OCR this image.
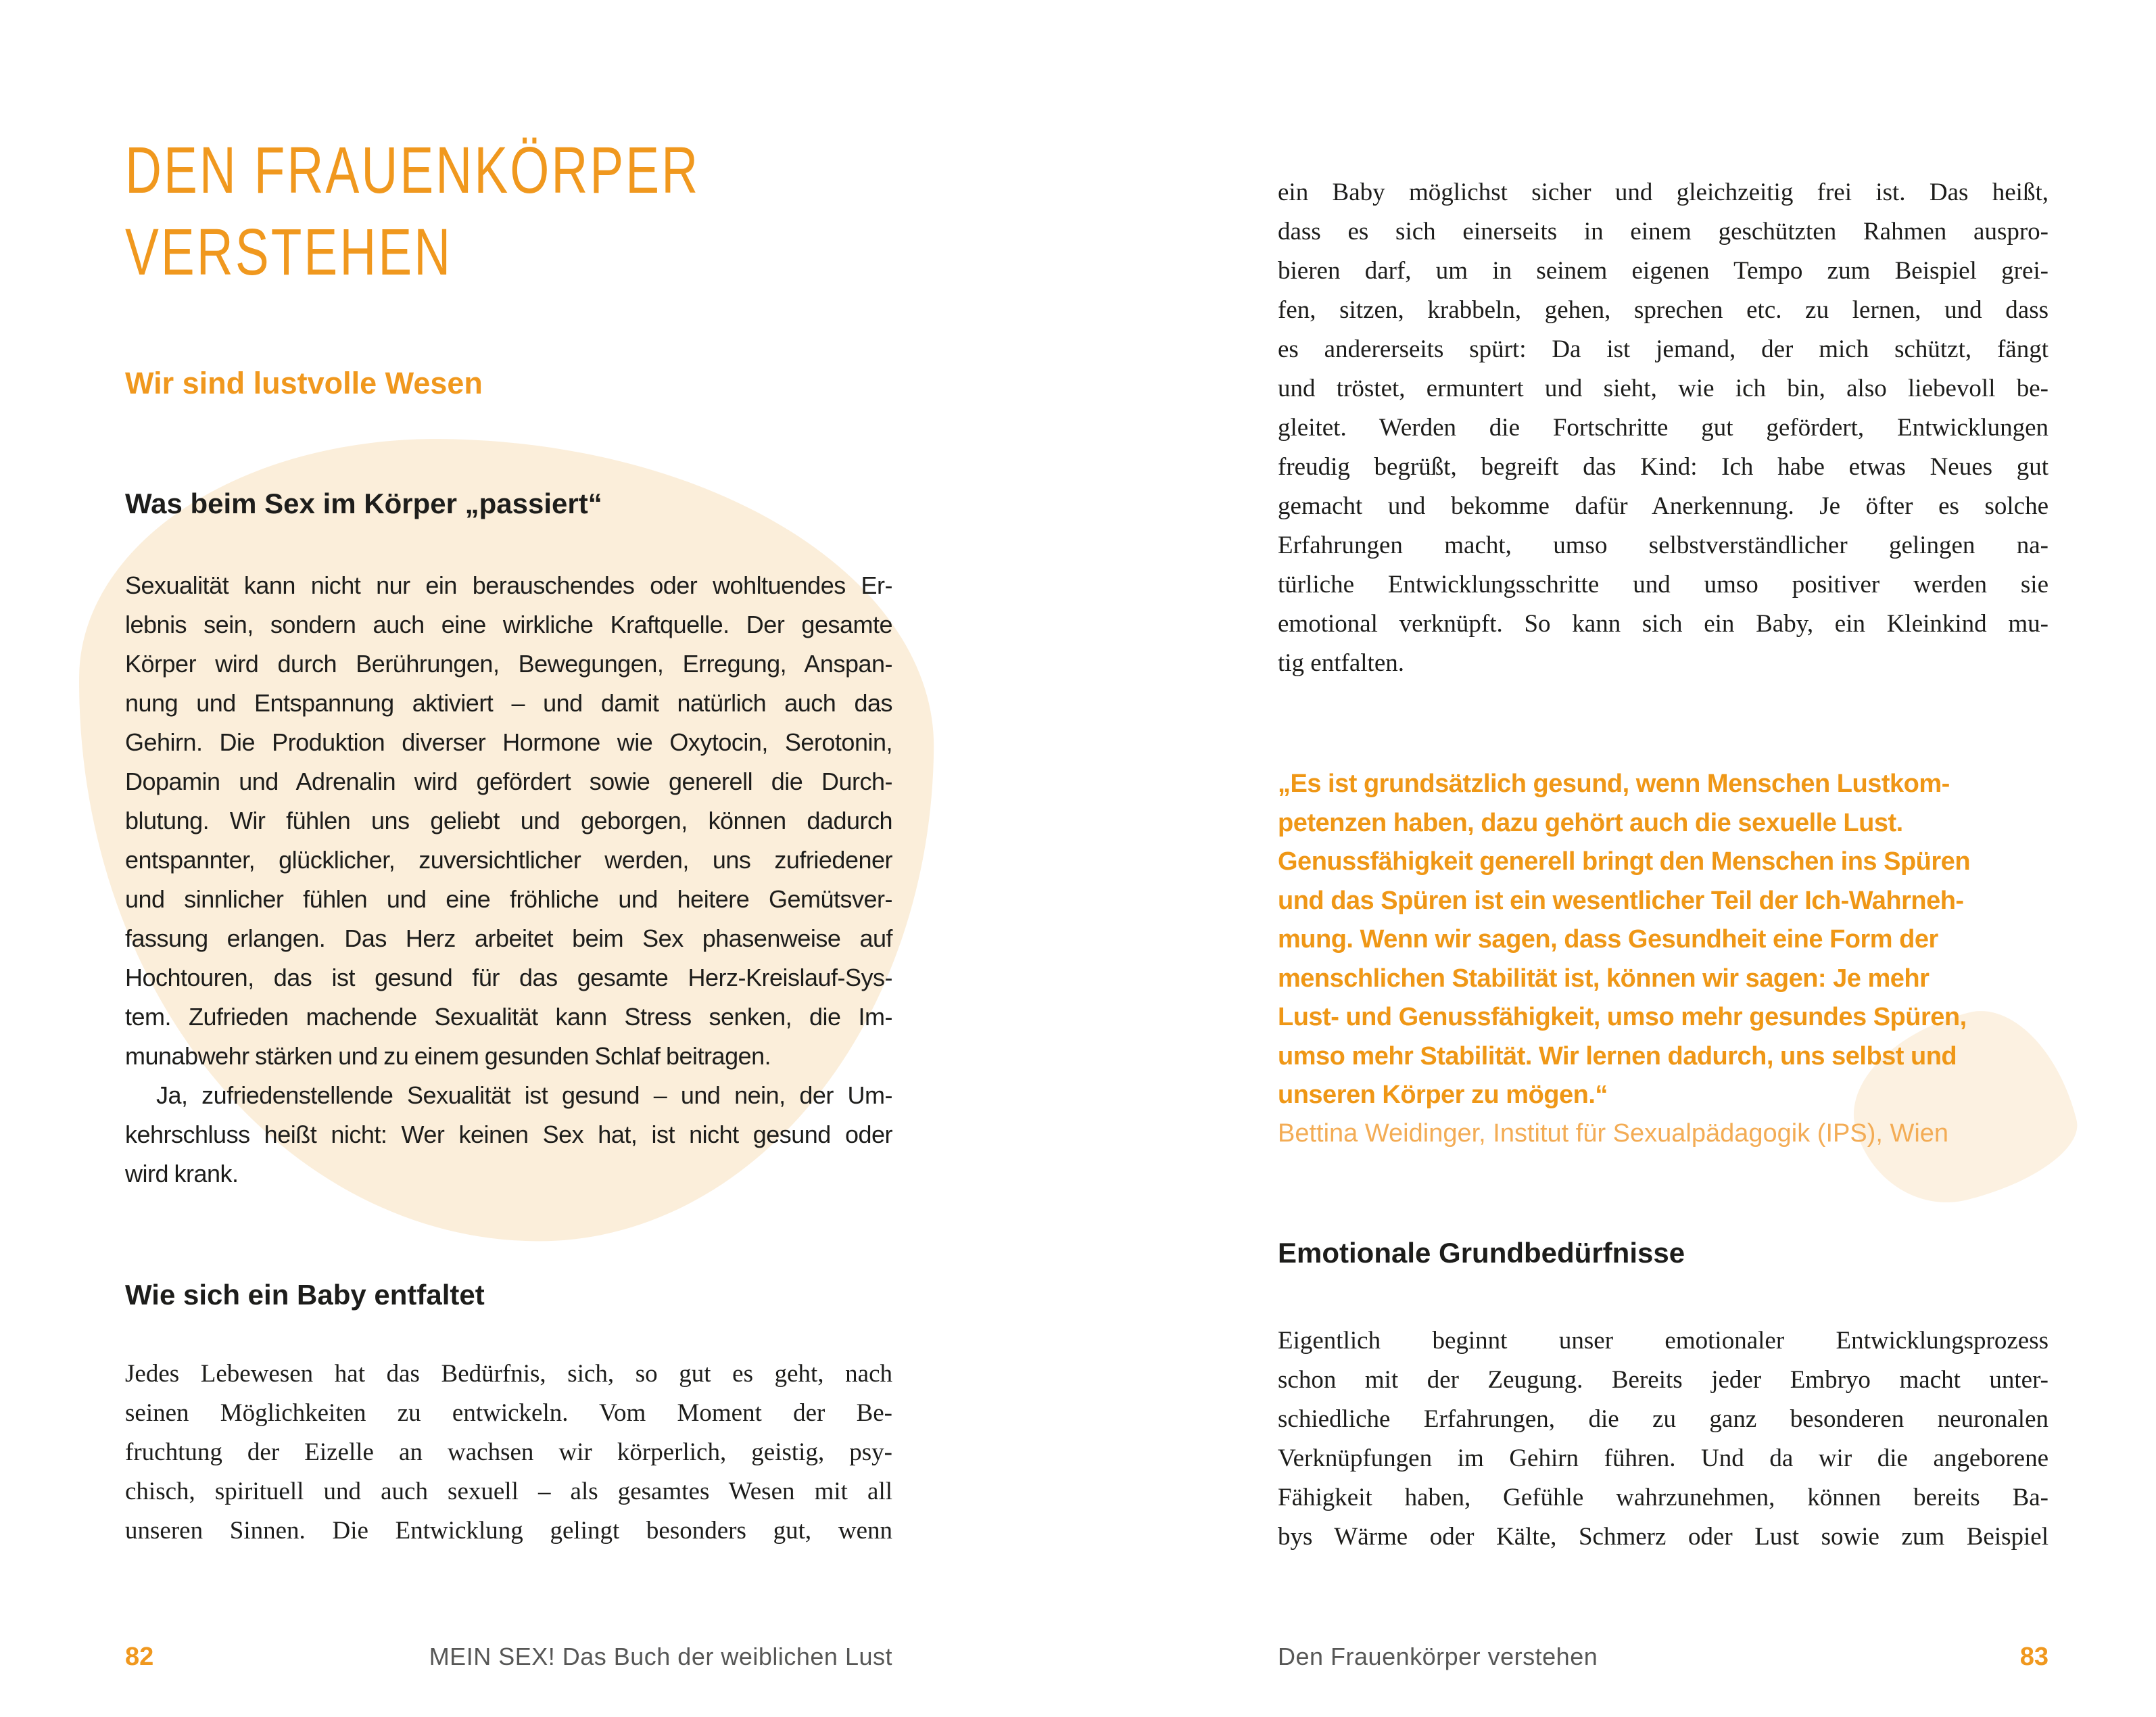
DEN FRAUENKÖRPER
VERSTEHEN
Wir sind lustvolle Wesen
Was beim Sex im Körper „passiert“
Sexualität kann nicht nur ein berauschendes oder wohltuendes Er-
lebnis sein, sondern auch eine wirkliche Kraftquelle. Der gesamte
Körper wird durch Berührungen, Bewegungen, Erregung, Anspan-
nung und Entspannung aktiviert – und damit natürlich auch das
Gehirn. Die Produktion diverser Hormone wie Oxytocin, Serotonin,
Dopamin und Adrenalin wird gefördert sowie generell die Durch-
blutung. Wir fühlen uns geliebt und geborgen, können dadurch
entspannter, glücklicher, zuversichtlicher werden, uns zufriedener
und sinnlicher fühlen und eine fröhliche und heitere Gemütsver-
fassung erlangen. Das Herz arbeitet beim Sex phasenweise auf
Hochtouren, das ist gesund für das gesamte Herz-Kreislauf-Sys-
tem. Zufrieden machende Sexualität kann Stress senken, die Im-
munabwehr stärken und zu einem gesunden Schlaf beitragen.
Ja, zufriedenstellende Sexualität ist gesund – und nein, der Um-
kehrschluss heißt nicht: Wer keinen Sex hat, ist nicht gesund oder
wird krank.
Wie sich ein Baby entfaltet
Jedes Lebewesen hat das Bedürfnis, sich, so gut es geht, nach
seinen Möglichkeiten zu entwickeln. Vom Moment der Be-
fruchtung der Eizelle an wachsen wir körperlich, geistig, psy-
chisch, spirituell und auch sexuell – als gesamtes Wesen mit all
unseren Sinnen. Die Entwicklung gelingt besonders gut, wenn
82	MEIN SEX! Das Buch der weiblichen Lust
ein Baby möglichst sicher und gleichzeitig frei ist. Das heißt,
dass es sich einerseits in einem geschützten Rahmen auspro-
bieren darf, um in seinem eigenen Tempo zum Beispiel grei-
fen, sitzen, krabbeln, gehen, sprechen etc. zu lernen, und dass
es andererseits spürt: Da ist jemand, der mich schützt, fängt
und tröstet, ermuntert und sieht, wie ich bin, also liebevoll be-
gleitet. Werden die Fortschritte gut gefördert, Entwicklungen
freudig begrüßt, begreift das Kind: Ich habe etwas Neues gut
gemacht und bekomme dafür Anerkennung. Je öfter es solche
Erfahrungen macht, umso selbstverständlicher gelingen na-
türliche Entwicklungsschritte und umso positiver werden sie
emotional verknüpft. So kann sich ein Baby, ein Kleinkind mu-
tig entfalten.
„Es ist grundsätzlich gesund, wenn Menschen Lustkom-
petenzen haben, dazu gehört auch die sexuelle Lust.
Genussfähigkeit generell bringt den Menschen ins Spüren
und das Spüren ist ein wesentlicher Teil der Ich-Wahrneh-
mung. Wenn wir sagen, dass Gesundheit eine Form der
menschlichen Stabilität ist, können wir sagen: Je mehr
Lust- und Genussfähigkeit, umso mehr gesundes Spüren,
umso mehr Stabilität. Wir lernen dadurch, uns selbst und
unseren Körper zu mögen.“
Bettina Weidinger, Institut für Sexualpädagogik (IPS), Wien
Emotionale Grundbedürfnisse
Eigentlich beginnt unser emotionaler Entwicklungsprozess
schon mit der Zeugung. Bereits jeder Embryo macht unter-
schiedliche Erfahrungen, die zu ganz besonderen neuronalen
Verknüpfungen im Gehirn führen. Und da wir die angeborene
Fähigkeit haben, Gefühle wahrzunehmen, können bereits Ba-
bys Wärme oder Kälte, Schmerz oder Lust sowie zum Beispiel
Den Frauenkörper verstehen	83
